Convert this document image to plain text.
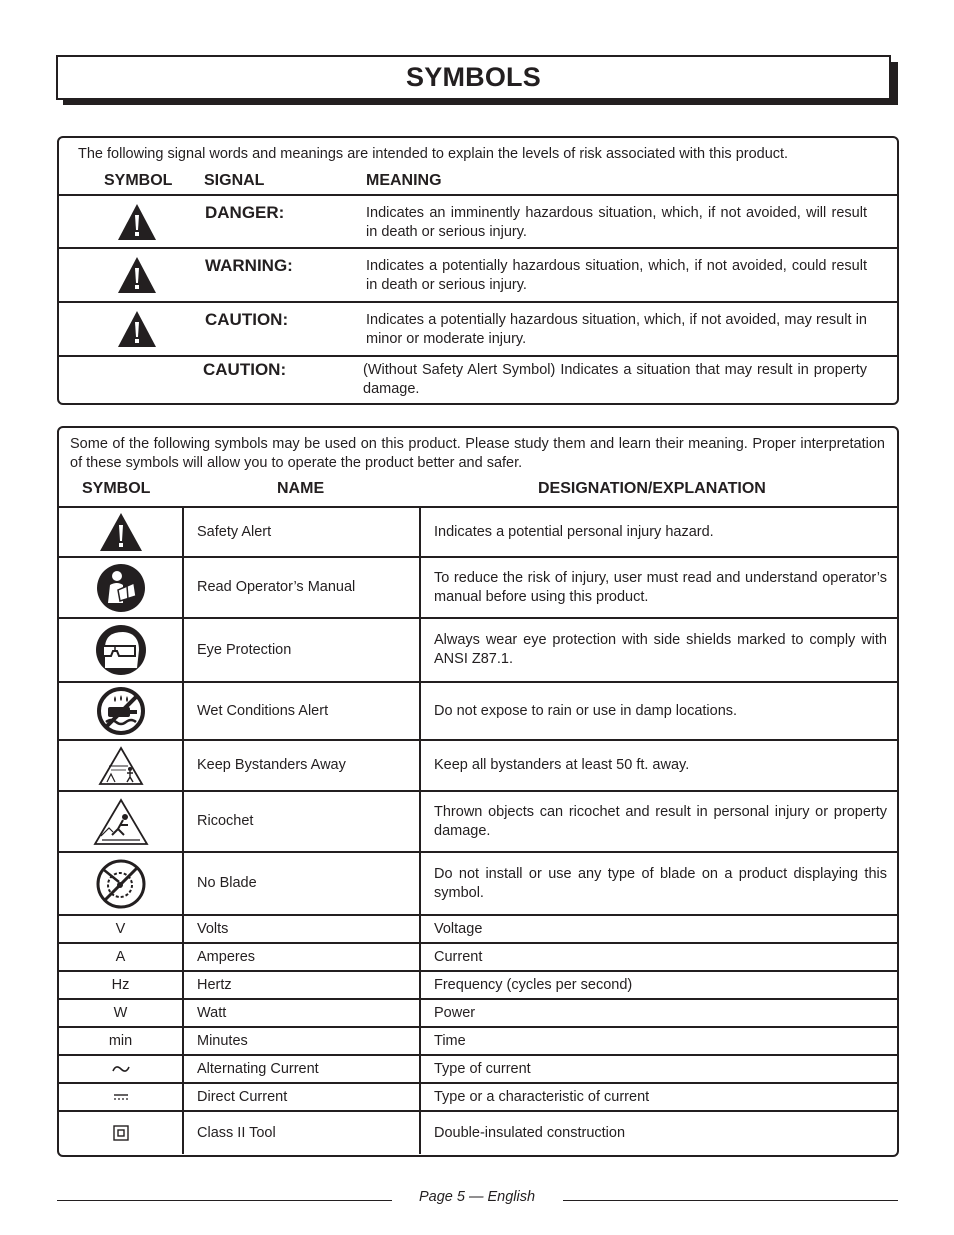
SYMBOLS
The following signal words and meanings are intended to explain the levels of risk associated with this product.
SYMBOL SIGNAL	MEANING
DANGER:	Indicates an imminently hazardous situation, which, if not avoided, will result in death or serious injury.
WARNING:	Indicates a potentially hazardous situation, which, if not avoided, could result in death or serious injury.
CAUTION:	Indicates a potentially hazardous situation, which, if not avoided, may result in minor or moderate injury.
CAUTION:	(Without Safety Alert Symbol) Indicates a situation that may result in property damage.
Some of the following symbols may be used on this product. Please study them and learn their meaning. Proper interpretation of these symbols will allow you to operate the product better and safer.
SYMBOL	NAME	DESIGNATION/EXPLANATION
	Safety Alert	Indicates a potential personal injury hazard.
	Read Operator’s Manual	To reduce the risk of injury, user must read and understand operator’s manual before using this product.
	Eye Protection	Always wear eye protection with side shields marked to comply with ANSI Z87.1.
	Wet Conditions Alert	Do not expose to rain or use in damp locations.
	Keep Bystanders Away	Keep all bystanders at least 50 ft. away.
	Ricochet	Thrown objects can ricochet and result in personal injury or property damage.
	No Blade	Do not install or use any type of blade on a product displaying this symbol.
V	Volts	Voltage
A	Amperes	Current
Hz	Hertz	Frequency (cycles per second)
W	Watt	Power
min	Minutes	Time
	Alternating Current	Type of current
	Direct Current	Type or a characteristic of current
	Class II Tool	Double-insulated construction
Page 5 — English
